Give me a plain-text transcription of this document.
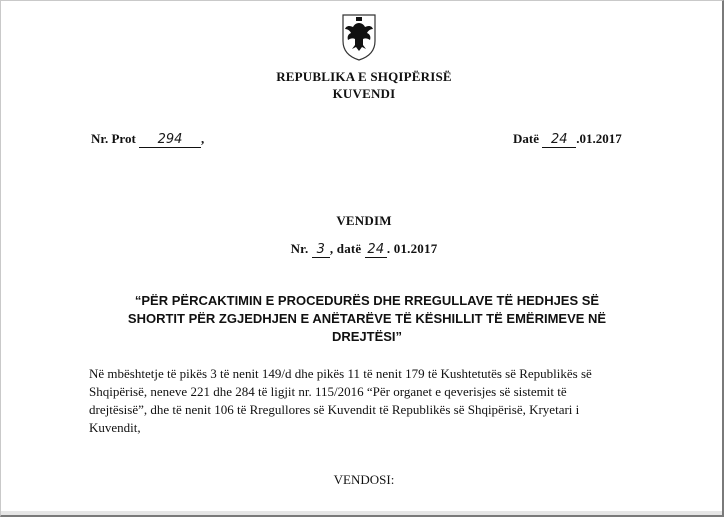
REPUBLIKA E SHQIPËRISË
KUVENDI
Nr. Prot 294 ,	Datë 24 .01.2017
VENDIM
Nr. 3 , datë 24 . 01.2017
“PËR PËRCAKTIMIN E PROCEDURËS DHE RREGULLAVE TË HEDHJES SË
SHORTIT PËR ZGJEDHJEN E ANËTARËVE TË KËSHILLIT TË EMËRIMEVE NË
DREJTËSI”
Në mbështetje të pikës 3 të nenit 149/d dhe pikës 11 të nenit 179 të Kushtetutës së Republikës së
Shqipërisë, neneve 221 dhe 284 të ligjit nr. 115/2016 “Për organet e qeverisjes së sistemit të
drejtësisë”, dhe të nenit 106 të Rregullores së Kuvendit të Republikës së Shqipërisë, Kryetari i
Kuvendit,
VENDOSI:
